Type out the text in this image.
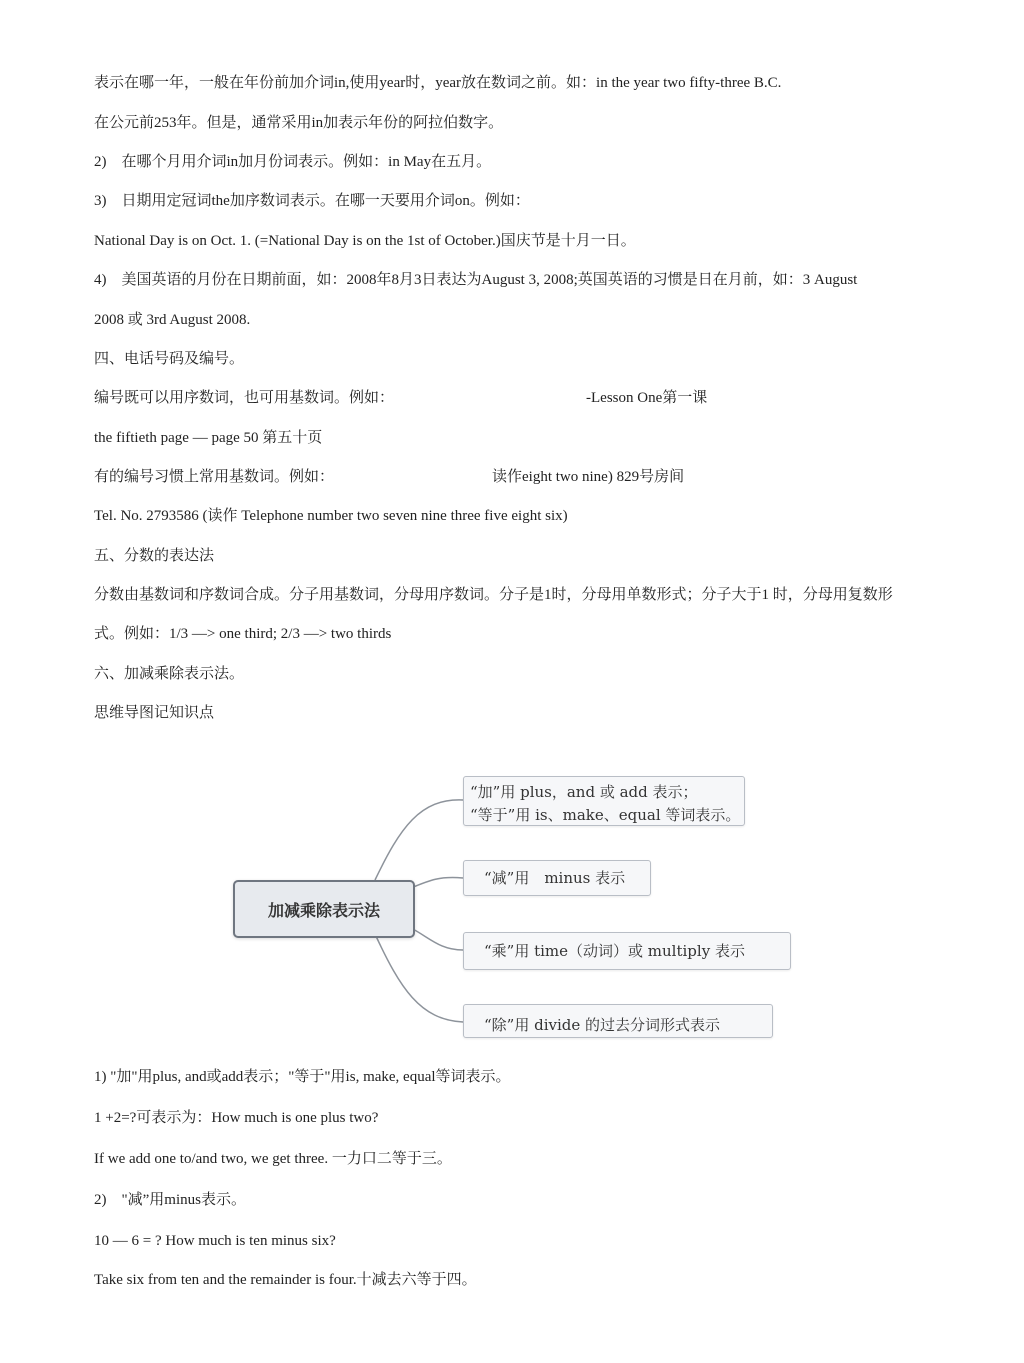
表示在哪一年，一般在年份前加介词in,使用year时，year放在数词之前。如：in the year two fifty-three B.C.
在公元前253年。但是，通常采用in加表示年份的阿拉伯数字。
2)    在哪个月用介词in加月份词表示。例如：in May在五月。
3)    日期用定冠词the加序数词表示。在哪一天要用介词on。例如：
National Day is on Oct. 1. (=National Day is on the 1st of October.)国庆节是十月一日。
4)    美国英语的月份在日期前面，如：2008年8月3日表达为August 3, 2008;英国英语的习惯是日在月前，如：3 August
2008 或 3rd August 2008.
四、电话号码及编号。
编号既可以用序数词，也可用基数词。例如：	-Lesson One第一课
the fiftieth page — page 50 第五十页
有的编号习惯上常用基数词。例如：	读作eight two nine) 829号房间
Tel. No. 2793586 (读作 Telephone number two seven nine three five eight six)
五、分数的表达法
分数由基数词和序数词合成。分子用基数词，分母用序数词。分子是1时，分母用单数形式；分子大于1 时，分母用复数形
式。例如：1/3 —> one third; 2/3 —> two thirds
六、加减乘除表示法。
思维导图记知识点
加减乘除表示法
“加”用 plus，and 或 add 表示；
“等于”用 is、make、equal 等词表示。
“减”用　minus 表示
“乘”用 time（动词）或 multiply 表示
“除”用 divide 的过去分词形式表示
1) "加"用plus, and或add表示；"等于"用is, make, equal等词表示。
1 +2=?可表示为：How much is one plus two?
If we add one to/and two, we get three. 一力口二等于三。
2)    "减”用minus表示。
10 — 6 = ? How much is ten minus six?
Take six from ten and the remainder is four.十减去六等于四。
